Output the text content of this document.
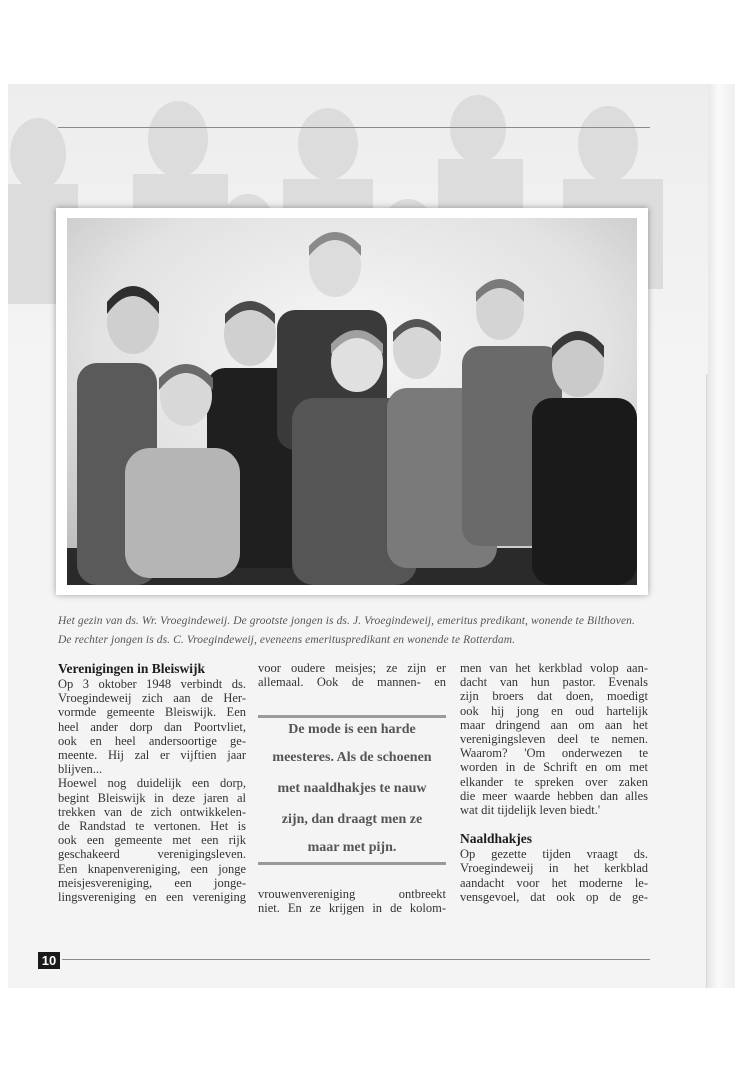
Het gezin van ds. Wr. Vroegindeweij. De grootste jongen is ds. J. Vroegindeweij, emeritus predikant, wonende te Bilthoven.
De rechter jongen is ds. C. Vroegindeweij, eveneens emerituspredikant en wonende te Rotterdam.
Verenigingen in Bleiswijk
Op 3 oktober 1948 verbindt ds.
Vroegindeweij zich aan de Her-
vormde gemeente Bleiswijk. Een
heel ander dorp dan Poortvliet,
ook en heel andersoortige ge-
meente. Hij zal er vijftien jaar
blijven...
Hoewel nog duidelijk een dorp,
begint Bleiswijk in deze jaren al
trekken van de zich ontwikkelen-
de Randstad te vertonen. Het is
ook een gemeente met een rijk
geschakeerd verenigingsleven.
Een knapenvereniging, een jonge
meisjesvereniging, een jonge-
lingsvereniging en een vereniging
voor oudere meisjes; ze zijn er
allemaal. Ook de mannen- en
De mode is een harde
meesteres. Als de schoenen
met naaldhakjes te nauw
zijn, dan draagt men ze
maar met pijn.
vrouwenvereniging ontbreekt
niet. En ze krijgen in de kolom-
men van het kerkblad volop aan-
dacht van hun pastor. Evenals
zijn broers dat doen, moedigt
ook hij jong en oud hartelijk
maar dringend aan om aan het
verenigingsleven deel te nemen.
Waarom? 'Om onderwezen te
worden in de Schrift en om met
elkander te spreken over zaken
die meer waarde hebben dan alles
wat dit tijdelijk leven biedt.'
Naaldhakjes
Op gezette tijden vraagt ds.
Vroegindeweij in het kerkblad
aandacht voor het moderne le-
vensgevoel, dat ook op de ge-
10
